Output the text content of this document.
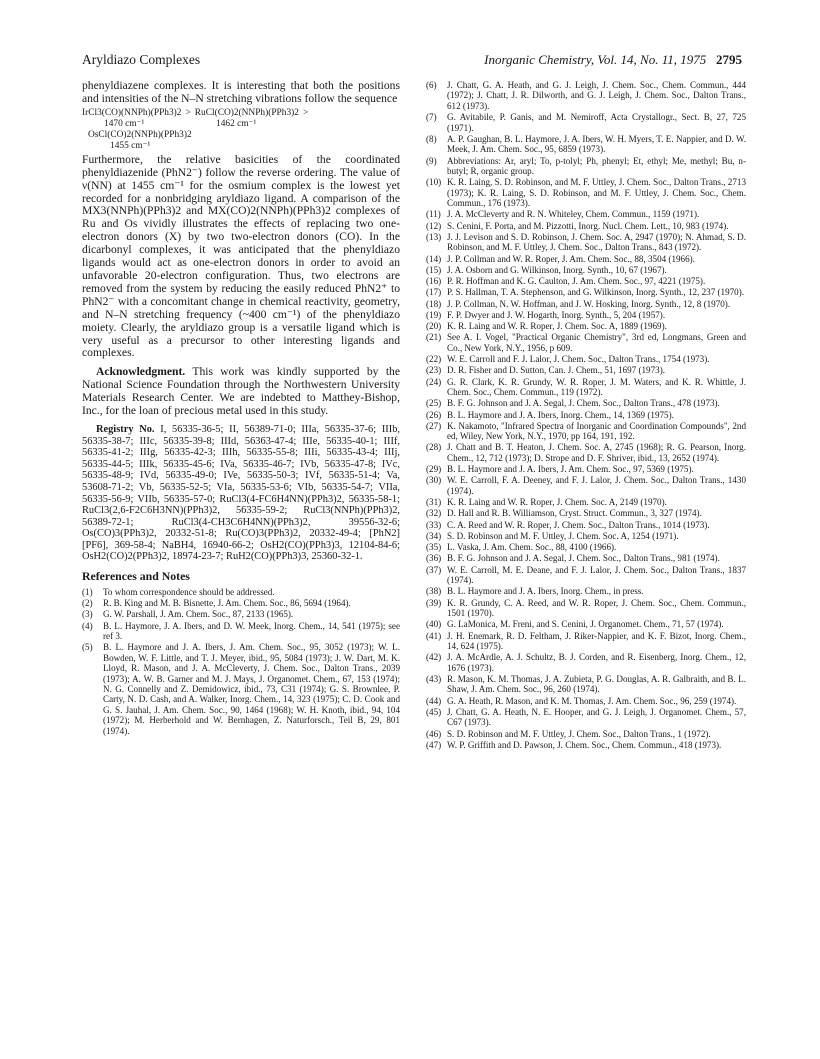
Aryldiazo Complexes	Inorganic Chemistry, Vol. 14, No. 11, 1975 2795

phenyldiazene complexes. It is interesting that both the positions and intensities of the N–N stretching vibrations follow the sequence

IrCl3(CO)(NNPh)(PPh3)2 > RuCl(CO)2(NNPh)(PPh3)2 >
1470 cm⁻¹	1462 cm⁻¹
OsCl(CO)2(NNPh)(PPh3)2
1455 cm⁻¹

Furthermore, the relative basicities of the coordinated phenyldiazenide (PhN2⁻) follow the reverse ordering. The value of ν(NN) at 1455 cm⁻¹ for the osmium complex is the lowest yet recorded for a nonbridging aryldiazo ligand. A comparison of the MX3(NNPh)(PPh3)2 and MX(CO)2(NNPh)(PPh3)2 complexes of Ru and Os vividly illustrates the effects of replacing two one-electron donors (X) by two two-electron donors (CO). In the dicarbonyl complexes, it was anticipated that the phenyldiazo ligands would act as one-electron donors in order to avoid an unfavorable 20-electron configuration. Thus, two electrons are removed from the system by reducing the easily reduced PhN2⁺ to PhN2⁻ with a concomitant change in chemical reactivity, geometry, and N–N stretching frequency (~400 cm⁻¹) of the phenyldiazo moiety. Clearly, the aryldiazo group is a versatile ligand which is very useful as a precursor to other interesting ligands and complexes.

Acknowledgment. This work was kindly supported by the National Science Foundation through the Northwestern University Materials Research Center. We are indebted to Matthey-Bishop, Inc., for the loan of precious metal used in this study.

Registry No. I, 56335-36-5; II, 56389-71-0; IIIa, 56335-37-6; IIIb, 56335-38-7; IIIc, 56335-39-8; IIId, 56363-47-4; IIIe, 56335-40-1; IIIf, 56335-41-2; IIIg, 56335-42-3; IIIh, 56335-55-8; IIIi, 56335-43-4; IIIj, 56335-44-5; IIIk, 56335-45-6; IVa, 56335-46-7; IVb, 56335-47-8; IVc, 56335-48-9; IVd, 56335-49-0; IVe, 56335-50-3; IVf, 56335-51-4; Va, 53608-71-2; Vb, 56335-52-5; VIa, 56335-53-6; VIb, 56335-54-7; VIIa, 56335-56-9; VIIb, 56335-57-0; RuCl3(4-FC6H4NN)(PPh3)2, 56335-58-1; RuCl3(2,6-F2C6H3NN)(PPh3)2, 56335-59-2; RuCl3(NNPh)(PPh3)2, 56389-72-1; RuCl3(4-CH3C6H4NN)(PPh3)2, 39556-32-6; Os(CO)3(PPh3)2, 20332-51-8; Ru(CO)3(PPh3)2, 20332-49-4; [PhN2][PF6], 369-58-4; NaBH4, 16940-66-2; OsH2(CO)(PPh3)3, 12104-84-6; OsH2(CO)2(PPh3)2, 18974-23-7; RuH2(CO)(PPh3)3, 25360-32-1.

References and Notes
(1)	To whom correspondence should be addressed.
(2)	R. B. King and M. B. Bisnette, J. Am. Chem. Soc., 86, 5694 (1964).
(3)	G. W. Parshall, J. Am. Chem. Soc., 87, 2133 (1965).
(4)	B. L. Haymore, J. A. Ibers, and D. W. Meek, Inorg. Chem., 14, 541 (1975); see ref 3.
(5)	B. L. Haymore and J. A. Ibers, J. Am. Chem. Soc., 95, 3052 (1973); W. L. Bowden, W. F. Little, and T. J. Meyer, ibid., 95, 5084 (1973); J. W. Dart, M. K. Lloyd, R. Mason, and J. A. McCleverty, J. Chem. Soc., Dalton Trans., 2039 (1973); A. W. B. Garner and M. J. Mays, J. Organomet. Chem., 67, 153 (1974); N. G. Connelly and Z. Demidowicz, ibid., 73, C31 (1974); G. S. Brownlee, P. Carty, N. D. Cash, and A. Walker, Inorg. Chem., 14, 323 (1975); C. D. Cook and G. S. Jauhal, J. Am. Chem. Soc., 90, 1464 (1968); W. H. Knoth, ibid., 94, 104 (1972); M. Herberhold and W. Bernhagen, Z. Naturforsch., Teil B, 29, 801 (1974).
(6)	J. Chatt, G. A. Heath, and G. J. Leigh, J. Chem. Soc., Chem. Commun., 444 (1972); J. Chatt, J. R. Dilworth, and G. J. Leigh, J. Chem. Soc., Dalton Trans., 612 (1973).
(7)	G. Avitabile, P. Ganis, and M. Nemiroff, Acta Crystallogr., Sect. B, 27, 725 (1971).
(8)	A. P. Gaughan, B. L. Haymore, J. A. Ibers, W. H. Myers, T. E. Nappier, and D. W. Meek, J. Am. Chem. Soc., 95, 6859 (1973).
(9)	Abbreviations: Ar, aryl; To, p-tolyl; Ph, phenyl; Et, ethyl; Me, methyl; Bu, n-butyl; R, organic group.
(10) K. R. Laing, S. D. Robinson, and M. F. Uttley, J. Chem. Soc., Dalton Trans., 2713 (1973); K. R. Laing, S. D. Robinson, and M. F. Uttley, J. Chem. Soc., Chem. Commun., 176 (1973).
(11) J. A. McCleverty and R. N. Whiteley, Chem. Commun., 1159 (1971).
(12) S. Cenini, F. Porta, and M. Pizzotti, Inorg. Nucl. Chem. Lett., 10, 983 (1974).
(13) J. J. Levison and S. D. Robinson, J. Chem. Soc. A, 2947 (1970); N. Ahmad, S. D. Robinson, and M. F. Uttley, J. Chem. Soc., Dalton Trans., 843 (1972).
(14) J. P. Collman and W. R. Roper, J. Am. Chem. Soc., 88, 3504 (1966).
(15) J. A. Osborn and G. Wilkinson, Inorg. Synth., 10, 67 (1967).
(16) P. R. Hoffman and K. G. Caulton, J. Am. Chem. Soc., 97, 4221 (1975).
(17) P. S. Hallman, T. A. Stephenson, and G. Wilkinson, Inorg. Synth., 12, 237 (1970).
(18) J. P. Collman, N. W. Hoffman, and J. W. Hosking, Inorg. Synth., 12, 8 (1970).
(19) F. P. Dwyer and J. W. Hogarth, Inorg. Synth., 5, 204 (1957).
(20) K. R. Laing and W. R. Roper, J. Chem. Soc. A, 1889 (1969).
(21) See A. I. Vogel, "Practical Organic Chemistry", 3rd ed, Longmans, Green and Co., New York, N.Y., 1956, p 609.
(22) W. E. Carroll and F. J. Lalor, J. Chem. Soc., Dalton Trans., 1754 (1973).
(23) D. R. Fisher and D. Sutton, Can. J. Chem., 51, 1697 (1973).
(24) G. R. Clark, K. R. Grundy, W. R. Roper, J. M. Waters, and K. R. Whittle, J. Chem. Soc., Chem. Commun., 119 (1972).
(25) B. F. G. Johnson and J. A. Segal, J. Chem. Soc., Dalton Trans., 478 (1973).
(26) B. L. Haymore and J. A. Ibers, Inorg. Chem., 14, 1369 (1975).
(27) K. Nakamoto, "Infrared Spectra of Inorganic and Coordination Compounds", 2nd ed, Wiley, New York, N.Y., 1970, pp 164, 191, 192.
(28) J. Chatt and B. T. Heaton, J. Chem. Soc. A, 2745 (1968); R. G. Pearson, Inorg. Chem., 12, 712 (1973); D. Strope and D. F. Shriver, ibid., 13, 2652 (1974).
(29) B. L. Haymore and J. A. Ibers, J. Am. Chem. Soc., 97, 5369 (1975).
(30) W. E. Carroll, F. A. Deeney, and F. J. Lalor, J. Chem. Soc., Dalton Trans., 1430 (1974).
(31) K. R. Laing and W. R. Roper, J. Chem. Soc. A, 2149 (1970).
(32) D. Hall and R. B. Williamson, Cryst. Struct. Commun., 3, 327 (1974).
(33) C. A. Reed and W. R. Roper, J. Chem. Soc., Dalton Trans., 1014 (1973).
(34) S. D. Robinson and M. F. Uttley, J. Chem. Soc. A, 1254 (1971).
(35) L. Vaska, J. Am. Chem. Soc., 88, 4100 (1966).
(36) B. F. G. Johnson and J. A. Segal, J. Chem. Soc., Dalton Trans., 981 (1974).
(37) W. E. Carroll, M. E. Deane, and F. J. Lalor, J. Chem. Soc., Dalton Trans., 1837 (1974).
(38) B. L. Haymore and J. A. Ibers, Inorg. Chem., in press.
(39) K. R. Grundy, C. A. Reed, and W. R. Roper, J. Chem. Soc., Chem. Commun., 1501 (1970).
(40) G. LaMonica, M. Freni, and S. Cenini, J. Organomet. Chem., 71, 57 (1974).
(41) J. H. Enemark, R. D. Feltham, J. Riker-Nappier, and K. F. Bizot, Inorg. Chem., 14, 624 (1975).
(42) J. A. McArdle, A. J. Schultz, B. J. Corden, and R. Eisenberg, Inorg. Chem., 12, 1676 (1973).
(43) R. Mason, K. M. Thomas, J. A. Zubieta, P. G. Douglas, A. R. Galbraith, and B. L. Shaw, J. Am. Chem. Soc., 96, 260 (1974).
(44) G. A. Heath, R. Mason, and K. M. Thomas, J. Am. Chem. Soc., 96, 259 (1974).
(45) J. Chatt, G. A. Heath, N. E. Hooper, and G. J. Leigh, J. Organomet. Chem., 57, C67 (1973).
(46) S. D. Robinson and M. F. Uttley, J. Chem. Soc., Dalton Trans., 1 (1972).
(47) W. P. Griffith and D. Pawson, J. Chem. Soc., Chem. Commun., 418 (1973).
